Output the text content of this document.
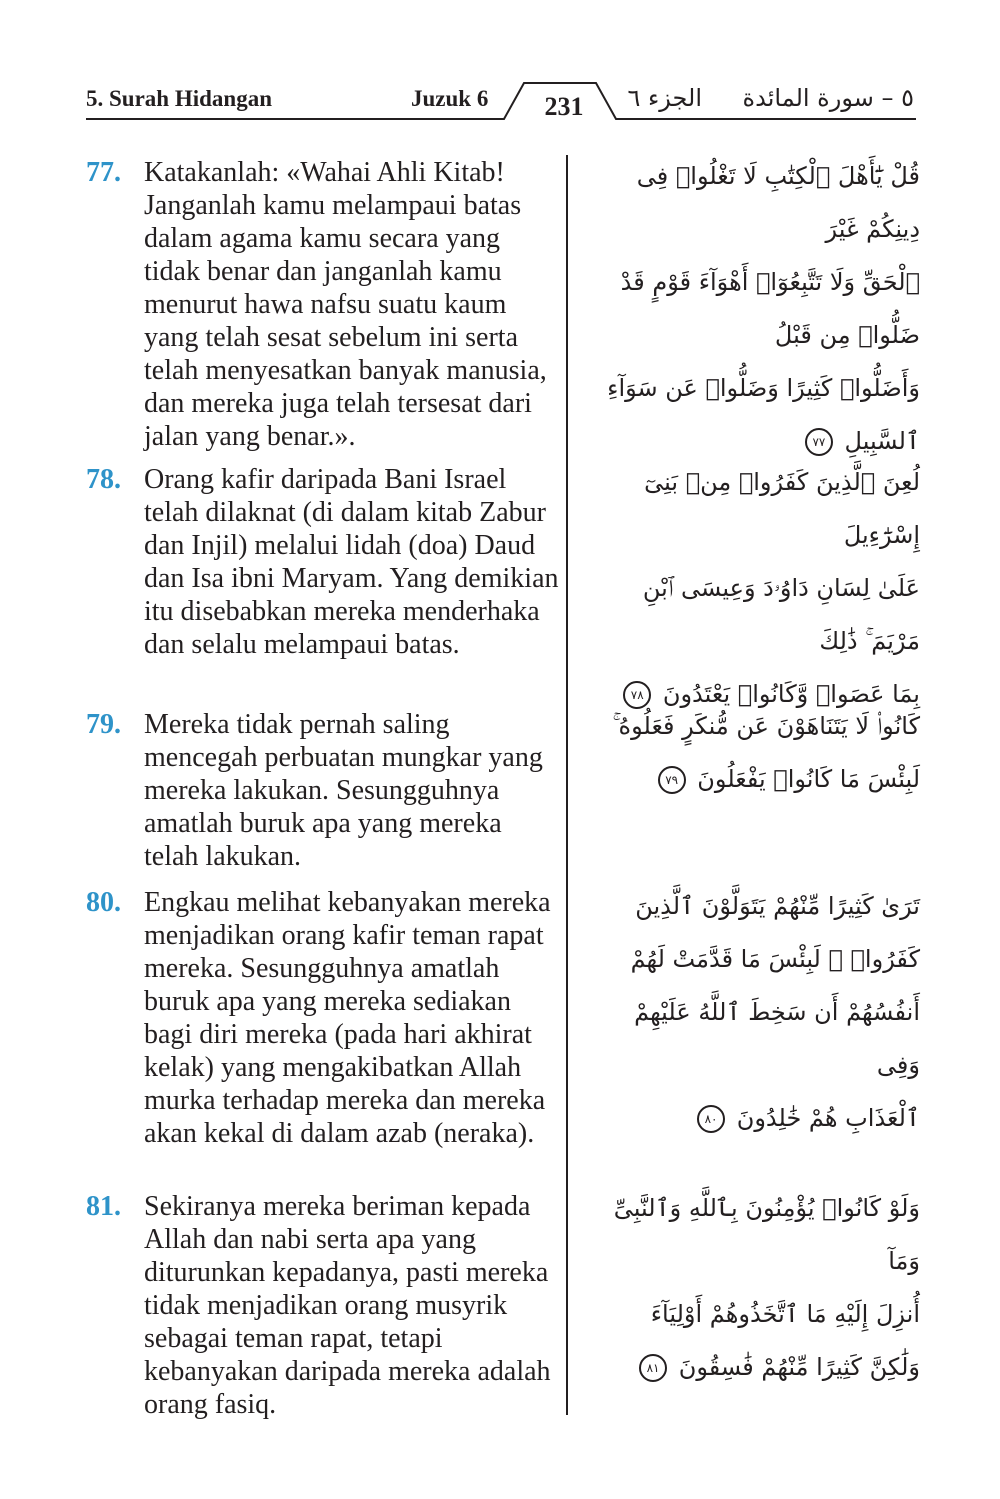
5. Surah Hidangan	Juzuk 6	231	الجزء ٦ ٥ – سورة المائدة
77. Katakanlah: «Wahai Ahli Kitab! Janganlah kamu melampaui batas dalam agama kamu secara yang tidak benar dan janganlah kamu menurut hawa nafsu suatu kaum yang telah sesat sebelum ini serta telah menyesatkan banyak manusia, dan mereka juga telah tersesat dari jalan yang benar.».
قُلْ يَٰٓأَهْلَ ٱلْكِتَٰبِ لَا تَغْلُوا۟ فِى دِينِكُمْ غَيْرَ
ٱلْحَقِّ وَلَا تَتَّبِعُوٓا۟ أَهْوَآءَ قَوْمٍ قَدْ ضَلُّوا۟ مِن قَبْلُ
وَأَضَلُّوا۟ كَثِيرًا وَضَلُّوا۟ عَن سَوَآءِ ٱلسَّبِيلِ ٧٧
78. Orang kafir daripada Bani Israel telah dilaknat (di dalam kitab Zabur dan Injil) melalui lidah (doa) Daud dan Isa ibni Maryam. Yang demikian itu disebabkan mereka menderhaka dan selalu melampaui batas.
لُعِنَ ٱلَّذِينَ كَفَرُوا۟ مِنۢ بَنِىٓ إِسْرَٰٓءِيلَ
عَلَىٰ لِسَانِ دَاوُۥدَ وَعِيسَى ٱبْنِ مَرْيَمَ ۚ ذَٰلِكَ
بِمَا عَصَوا۟ وَّكَانُوا۟ يَعْتَدُونَ ٧٨
79. Mereka tidak pernah saling mencegah perbuatan mungkar yang mereka lakukan. Sesungguhnya amatlah buruk apa yang mereka telah lakukan.
كَانُوا۟ لَا يَتَنَاهَوْنَ عَن مُّنكَرٍ فَعَلُوهُ ۚ
لَبِئْسَ مَا كَانُوا۟ يَفْعَلُونَ ٧٩
80. Engkau melihat kebanyakan mereka menjadikan orang kafir teman rapat mereka. Sesungguhnya amatlah buruk apa yang mereka sediakan bagi diri mereka (pada hari akhirat kelak) yang mengakibatkan Allah murka terhadap mereka dan mereka akan kekal di dalam azab (neraka).
تَرَىٰ كَثِيرًا مِّنْهُمْ يَتَوَلَّوْنَ ٱلَّذِينَ
كَفَرُوا۟ ۚ لَبِئْسَ مَا قَدَّمَتْ لَهُمْ
أَنفُسُهُمْ أَن سَخِطَ ٱللَّهُ عَلَيْهِمْ وَفِى
ٱلْعَذَابِ هُمْ خَٰلِدُونَ ٨٠
81. Sekiranya mereka beriman kepada Allah dan nabi serta apa yang diturunkan kepadanya, pasti mereka tidak menjadikan orang musyrik sebagai teman rapat, tetapi kebanyakan daripada mereka adalah orang fasiq.
وَلَوْ كَانُوا۟ يُؤْمِنُونَ بِٱللَّهِ وَٱلنَّبِىِّ وَمَآ
أُنزِلَ إِلَيْهِ مَا ٱتَّخَذُوهُمْ أَوْلِيَآءَ
وَلَٰكِنَّ كَثِيرًا مِّنْهُمْ فَٰسِقُونَ ٨١
